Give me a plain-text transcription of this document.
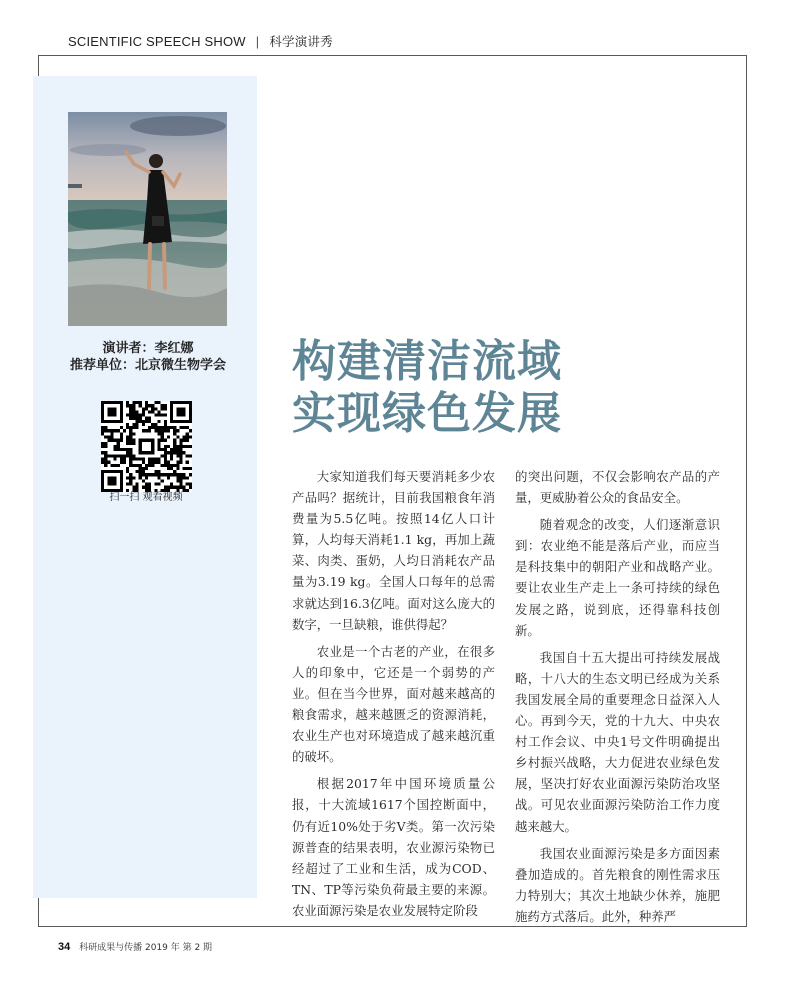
SCIENTIFIC SPEECH SHOW | 科学演讲秀
演讲者：李红娜
推荐单位：北京微生物学会
扫一扫 观看视频
构建清洁流域
实现绿色发展

大家知道我们每天要消耗多少农产品吗？据统计，目前我国粮食年消费量为5.5亿吨。按照14亿人口计算，人均每天消耗1.1 kg，再加上蔬菜、肉类、蛋奶，人均日消耗农产品量为3.19 kg。全国人口每年的总需求就达到16.3亿吨。面对这么庞大的数字，一旦缺粮，谁供得起？

农业是一个古老的产业，在很多人的印象中，它还是一个弱势的产业。但在当今世界，面对越来越高的粮食需求，越来越匮乏的资源消耗，农业生产也对环境造成了越来越沉重的破坏。

根据2017年中国环境质量公报，十大流域1617个国控断面中，仍有近10%处于劣V类。第一次污染源普查的结果表明，农业源污染物已经超过了工业和生活，成为COD、TN、TP等污染负荷最主要的来源。农业面源污染是农业发展特定阶段

的突出问题，不仅会影响农产品的产量，更威胁着公众的食品安全。

随着观念的改变，人们逐渐意识到：农业绝不能是落后产业，而应当是科技集中的朝阳产业和战略产业。要让农业生产走上一条可持续的绿色发展之路，说到底，还得靠科技创新。

我国自十五大提出可持续发展战略，十八大的生态文明已经成为关系我国发展全局的重要理念日益深入人心。再到今天，党的十九大、中央农村工作会议、中央1号文件明确提出乡村振兴战略，大力促进农业绿色发展，坚决打好农业面源污染防治攻坚战。可见农业面源污染防治工作力度越来越大。

我国农业面源污染是多方面因素叠加造成的。首先粮食的刚性需求压力特别大；其次土地缺少休养，施肥施药方式落后。此外，种养严

34 科研成果与传播 2019 年 第 2 期
